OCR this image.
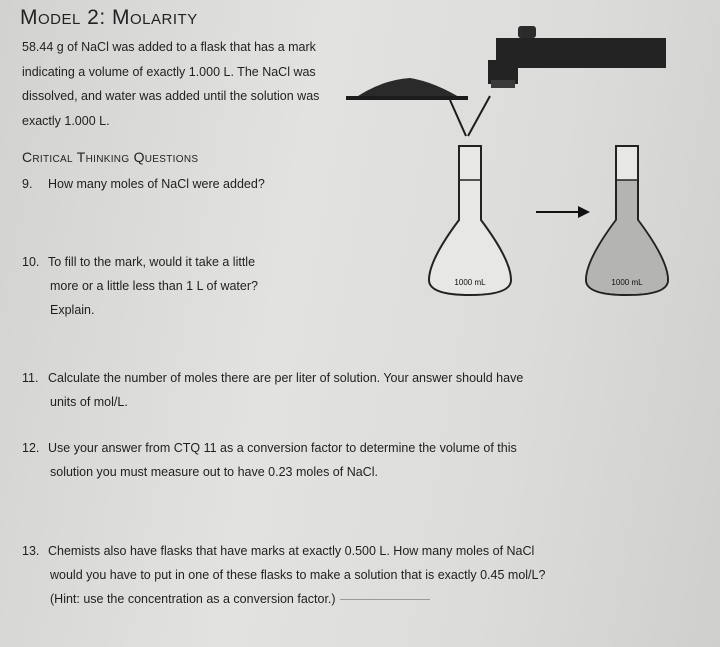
Model 2: Molarity
58.44 g of NaCl was added to a flask that has a mark indicating a volume of exactly 1.000 L. The NaCl was dissolved, and water was added until the solution was exactly 1.000 L.
1000 mL	1000 mL
Critical Thinking Questions
9. How many moles of NaCl were added?
10. To fill to the mark, would it take a little
more or a little less than 1 L of water?
Explain.
11. Calculate the number of moles there are per liter of solution. Your answer should have
units of mol/L.
12. Use your answer from CTQ 11 as a conversion factor to determine the volume of this
solution you must measure out to have 0.23 moles of NaCl.
13. Chemists also have flasks that have marks at exactly 0.500 L. How many moles of NaCl
would you have to put in one of these flasks to make a solution that is exactly 0.45 mol/L?
(Hint: use the concentration as a conversion factor.)
